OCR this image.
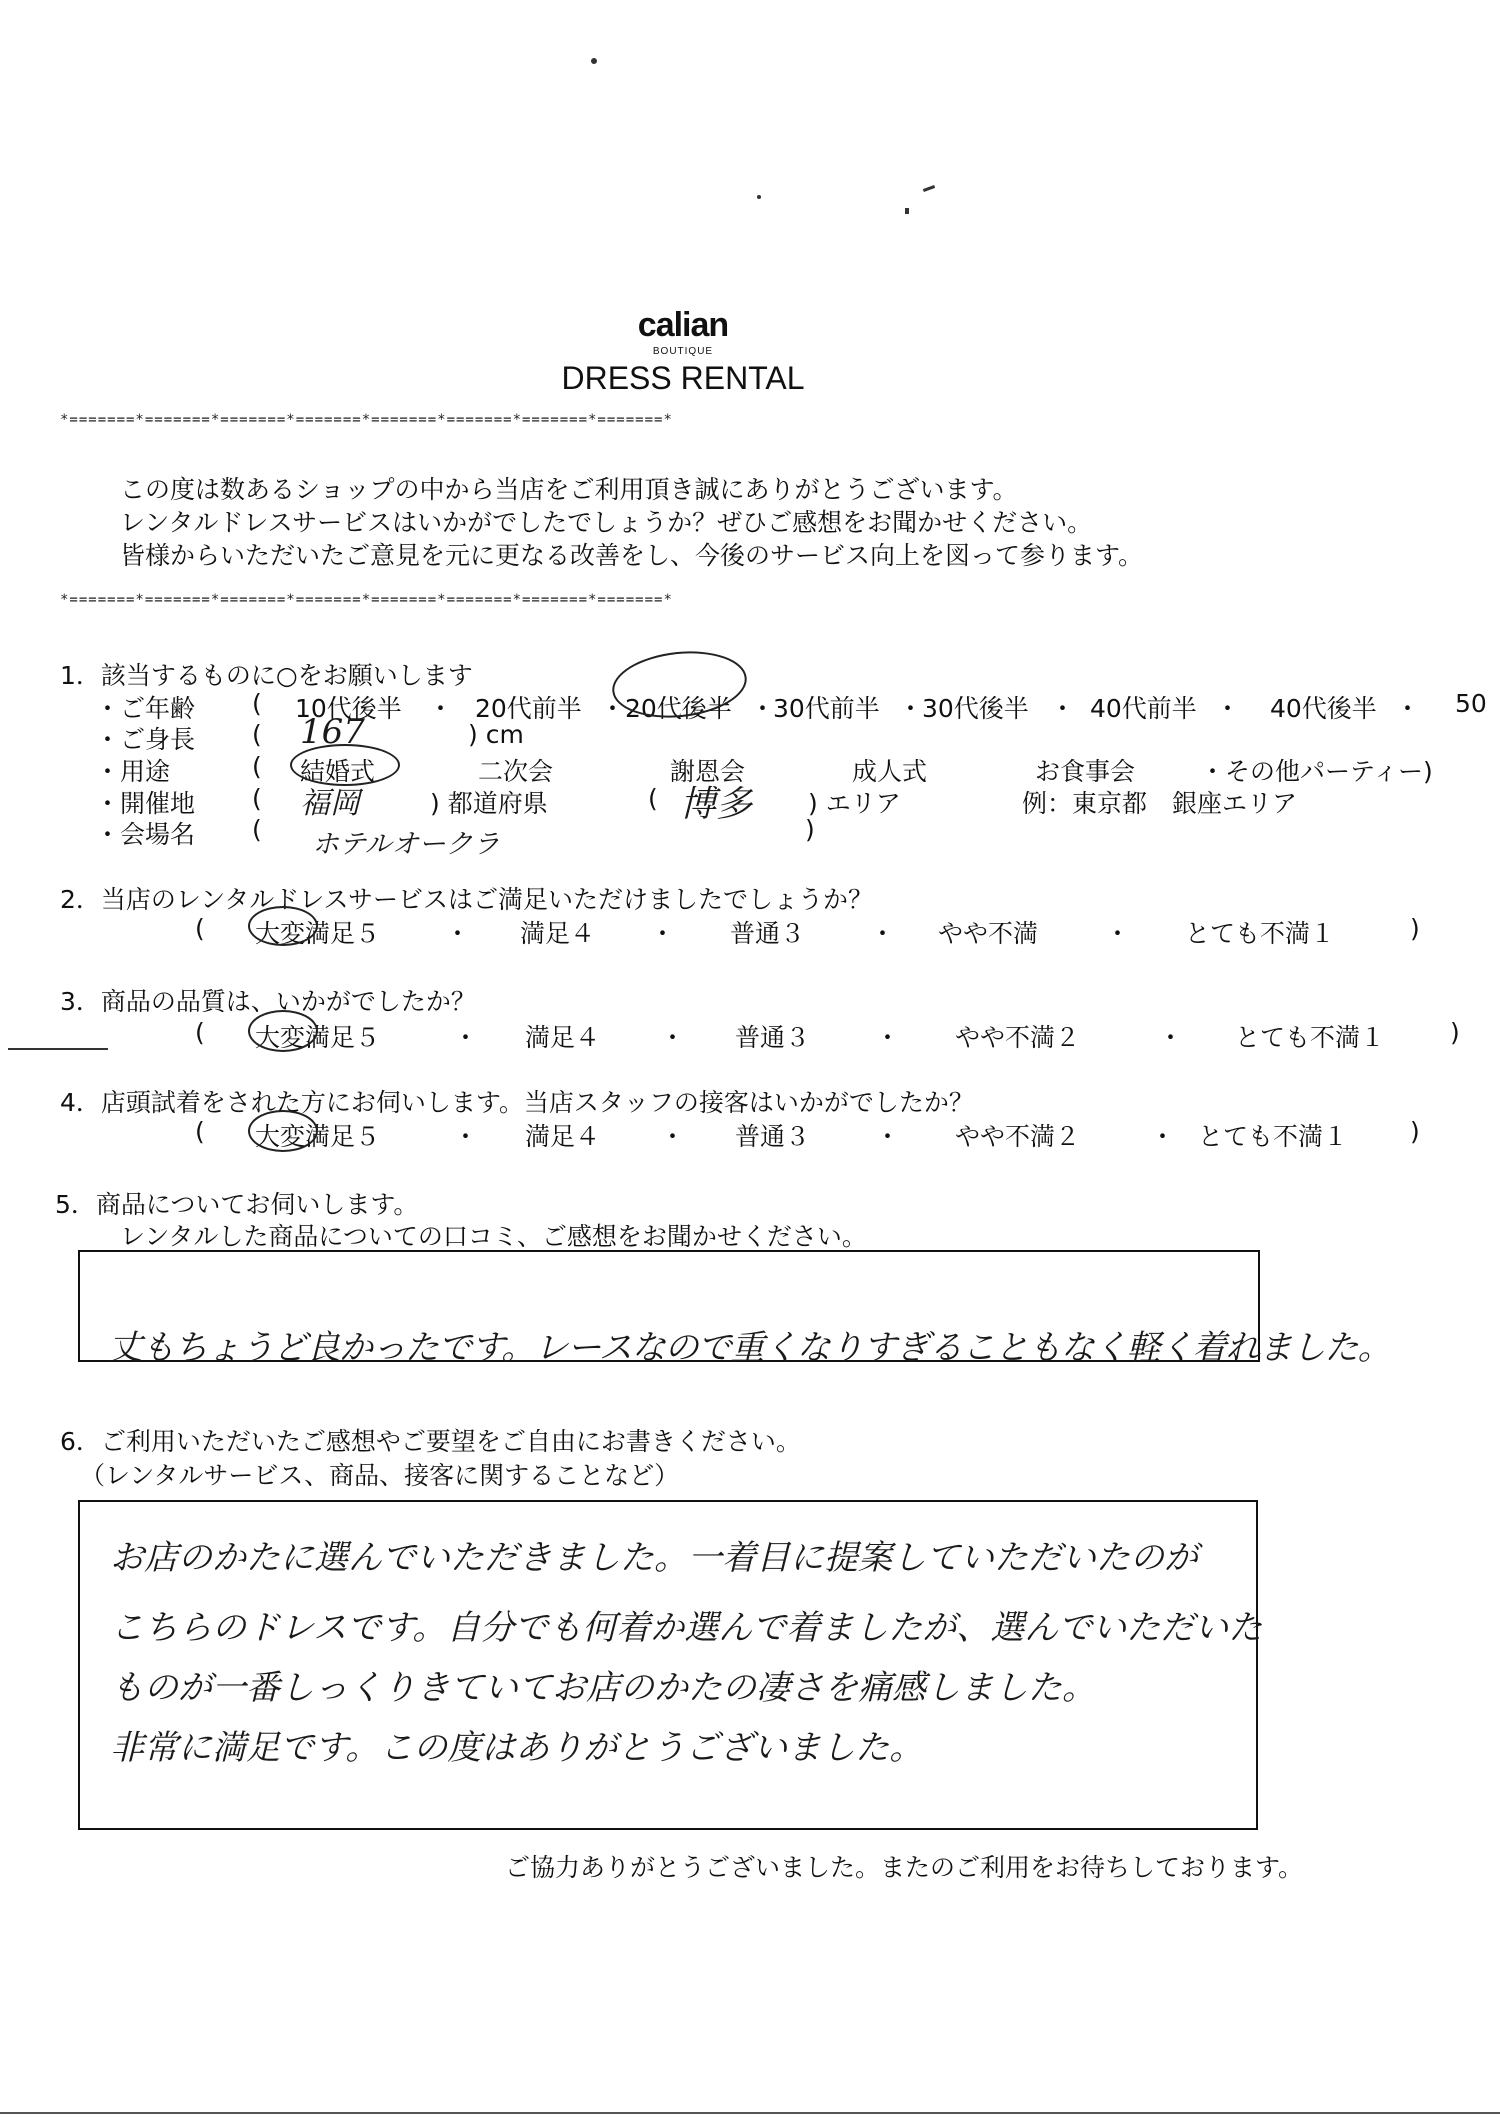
calian
BOUTIQUE
DRESS RENTAL
*=======*=======*=======*=======*=======*=======*=======*=======*
*=======*=======*=======*=======*=======*=======*=======*=======*
この度は数あるショップの中から当店をご利用頂き誠にありがとうございます。
レンタルドレスサービスはいかがでしたでしょうか？ぜひご感想をお聞かせください。
皆様からいただいたご意見を元に更なる改善をし、今後のサービス向上を図って参ります。
1．該当するものに○をお願いします
・ご年齢 ( 10代後半 ・ 20代前半 ・ 20代後半 ・
30代前半 ・
30代後半 ・ 40代前半 ・ 40代後半 ・ 50
・ご身長 ( 167	) cm
・用途	( 結婚式	二次会	謝恩会	成人式	お食事会	・その他パーティー)
・開催地 ( 福岡	) 都道府県	( 博多 ) エリア	例：東京都　銀座エリア
・会場名 ( ホテルオークラ	)
2．当店のレンタルドレスサービスはご満足いただけましたでしょうか？
( 大変満足５	・ 満足４ ・ 普通３	・ やや不満	・ とても不満１	)
3．商品の品質は、いかがでしたか？
( 大変満足５	・ 満足４ ・ 普通３	・ やや不満２	・ とても不満１	)
4．店頭試着をされた方にお伺いします。当店スタッフの接客はいかがでしたか？
( 大変満足５	・ 満足４ ・ 普通３	・ やや不満２	・ とても不満１ )
5．商品についてお伺いします。
レンタルした商品についての口コミ、ご感想をお聞かせください。
丈もちょうど良かったです。レースなので重くなりすぎることもなく軽く着れました。
6．ご利用いただいたご感想やご要望をご自由にお書きください。
（レンタルサービス、商品、接客に関することなど）
お店のかたに選んでいただきました。一着目に提案していただいたのが
こちらのドレスです。自分でも何着か選んで着ましたが、選んでいただいた
ものが一番しっくりきていてお店のかたの凄さを痛感しました。
非常に満足です。この度はありがとうございました。
ご協力ありがとうございました。またのご利用をお待ちしております。
